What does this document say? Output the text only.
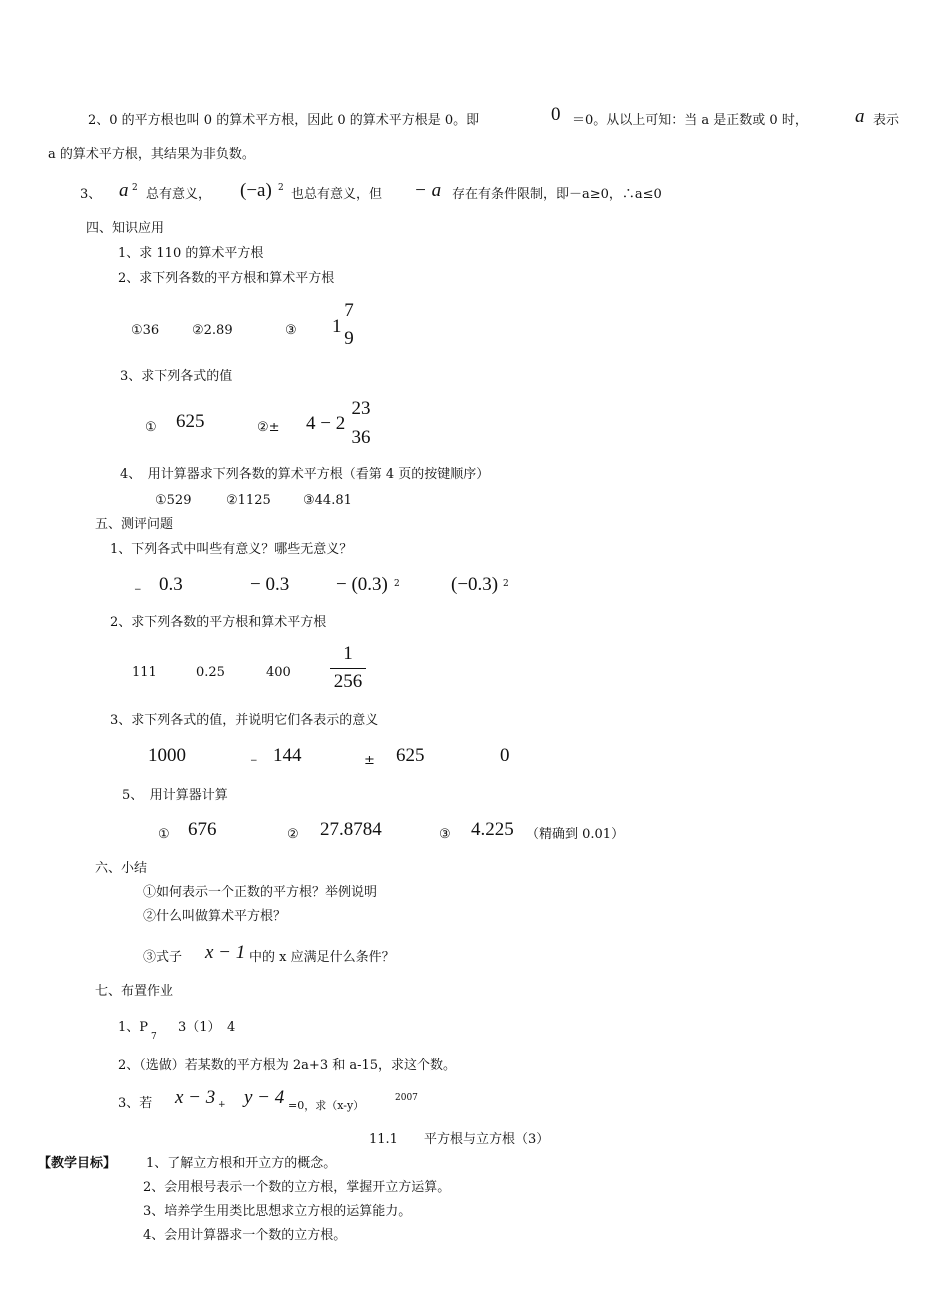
2、0 的平方根也叫 0 的算术平方根，因此 0 的算术平方根是 0。即	0 ＝0。从以上可知：当 a 是正数或 0 时， a 表示
a 的算术平方根，其结果为非负数。
3、 a 2 总有意义， (−a) 2 也总有意义，但 − a 存在有条件限制，即－a≥0，∴a≤0
四、知识应用
1、求 110 的算术平方根
2、求下列各数的平方根和算术平方根
①36	②2.89	③ 1
7
9
3、求下列各式的值
① 625	②± 4 − 2
23
36
4、　用计算器求下列各数的算术平方根（看第 4 页的按键顺序）
①529	②1125 ③44.81
五、测评问题
1、下列各式中叫些有意义？哪些无意义？
− 0.3	− 0.3 − (0.3) 2	(−0.3) 2
2、求下列各数的平方根和算术平方根
111	0.25	400
1
256
3、求下列各式的值，并说明它们各表示的意义
1000	− 144	± 625	0
5、　用计算器计算
① 676	② 27.8784	③ 4.225 （精确到 0.01）
六、小结
①如何表示一个正数的平方根？举例说明
②什么叫做算术平方根？
③式子 x − 1 中的 x 应满足什么条件？
七、布置作业
1、P
7
3（1）　4
2、（选做）若某数的平方根为 2a+3 和 a-15，求这个数。
3、若 x − 3 + y − 4 =0，求（x-y）
2007
11.1　　平方根与立方根（3）
【教学目标】 1、了解立方根和开立方的概念。
2、会用根号表示一个数的立方根，掌握开立方运算。
3、培养学生用类比思想求立方根的运算能力。
4、会用计算器求一个数的立方根。
